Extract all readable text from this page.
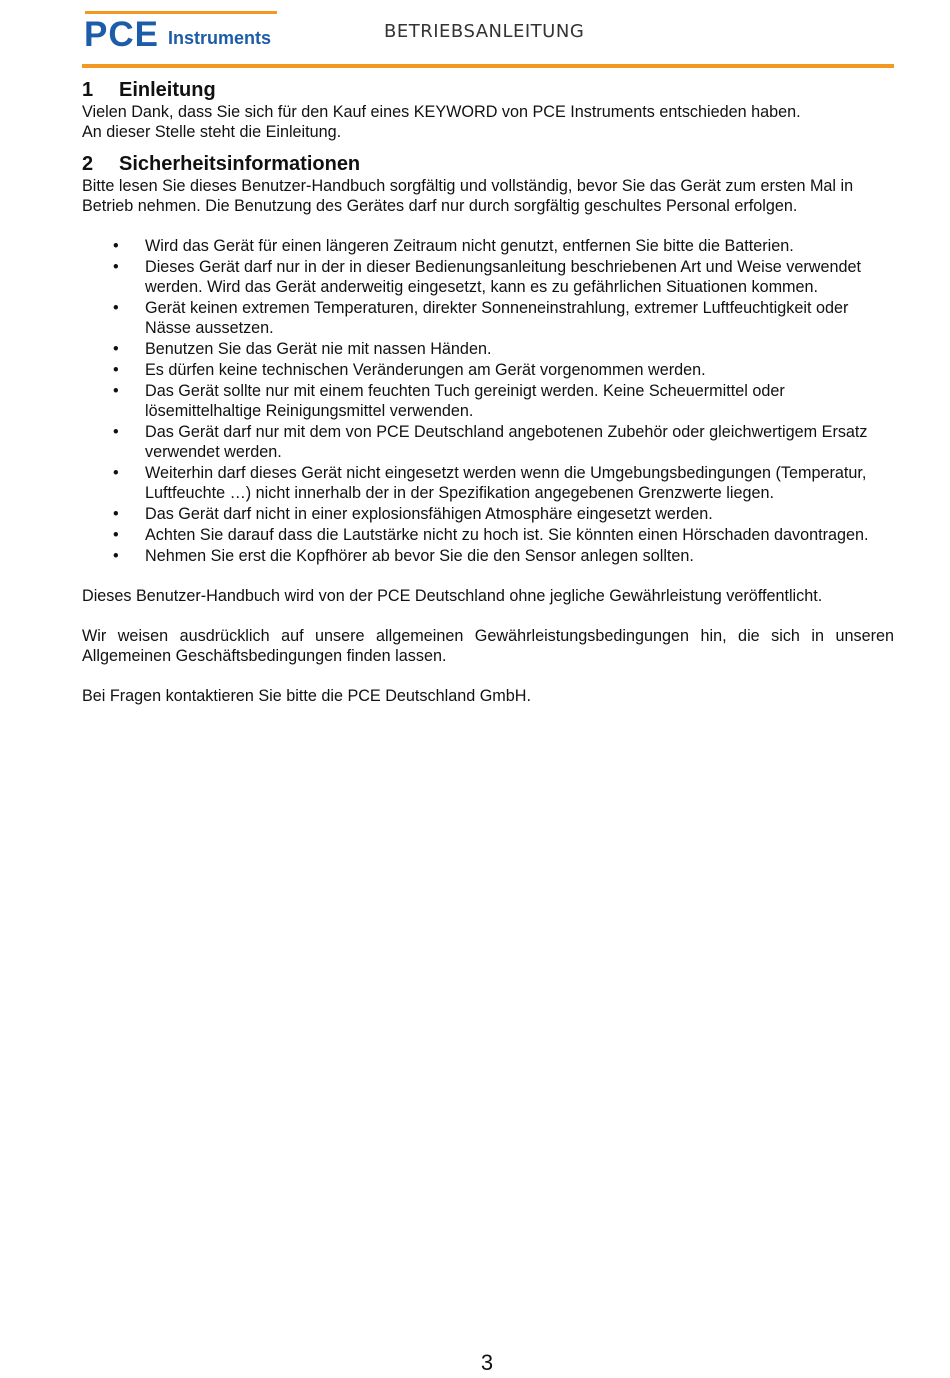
PCE Instruments	BETRIEBSANLEITUNG
1 Einleitung

Vielen Dank, dass Sie sich für den Kauf eines KEYWORD von PCE Instruments entschieden haben.

An dieser Stelle steht die Einleitung.

2 Sicherheitsinformationen

Bitte lesen Sie dieses Benutzer-Handbuch sorgfältig und vollständig, bevor Sie das Gerät zum ersten Mal in Betrieb nehmen. Die Benutzung des Gerätes darf nur durch sorgfältig geschultes Personal erfolgen.

• Wird das Gerät für einen längeren Zeitraum nicht genutzt, entfernen Sie bitte die Batterien.
• Dieses Gerät darf nur in der in dieser Bedienungsanleitung beschriebenen Art und Weise verwendet werden. Wird das Gerät anderweitig eingesetzt, kann es zu gefährlichen Situationen kommen.
• Gerät keinen extremen Temperaturen, direkter Sonneneinstrahlung, extremer Luftfeuchtigkeit oder Nässe aussetzen.
• Benutzen Sie das Gerät nie mit nassen Händen.
• Es dürfen keine technischen Veränderungen am Gerät vorgenommen werden.
• Das Gerät sollte nur mit einem feuchten Tuch gereinigt werden. Keine Scheuermittel oder lösemittelhaltige Reinigungsmittel verwenden.
• Das Gerät darf nur mit dem von PCE Deutschland angebotenen Zubehör oder gleichwertigem Ersatz verwendet werden.
• Weiterhin darf dieses Gerät nicht eingesetzt werden wenn die Umgebungsbedingungen (Temperatur, Luftfeuchte …) nicht innerhalb der in der Spezifikation angegebenen Grenzwerte liegen.
• Das Gerät darf nicht in einer explosionsfähigen Atmosphäre eingesetzt werden.
• Achten Sie darauf dass die Lautstärke nicht zu hoch ist. Sie könnten einen Hörschaden davontragen.
• Nehmen Sie erst die Kopfhörer ab bevor Sie die den Sensor anlegen sollten.

Dieses Benutzer-Handbuch wird von der PCE Deutschland ohne jegliche Gewährleistung veröffentlicht.

Wir weisen ausdrücklich auf unsere allgemeinen Gewährleistungsbedingungen hin, die sich in unseren Allgemeinen Geschäftsbedingungen finden lassen.

Bei Fragen kontaktieren Sie bitte die PCE Deutschland GmbH.

3
